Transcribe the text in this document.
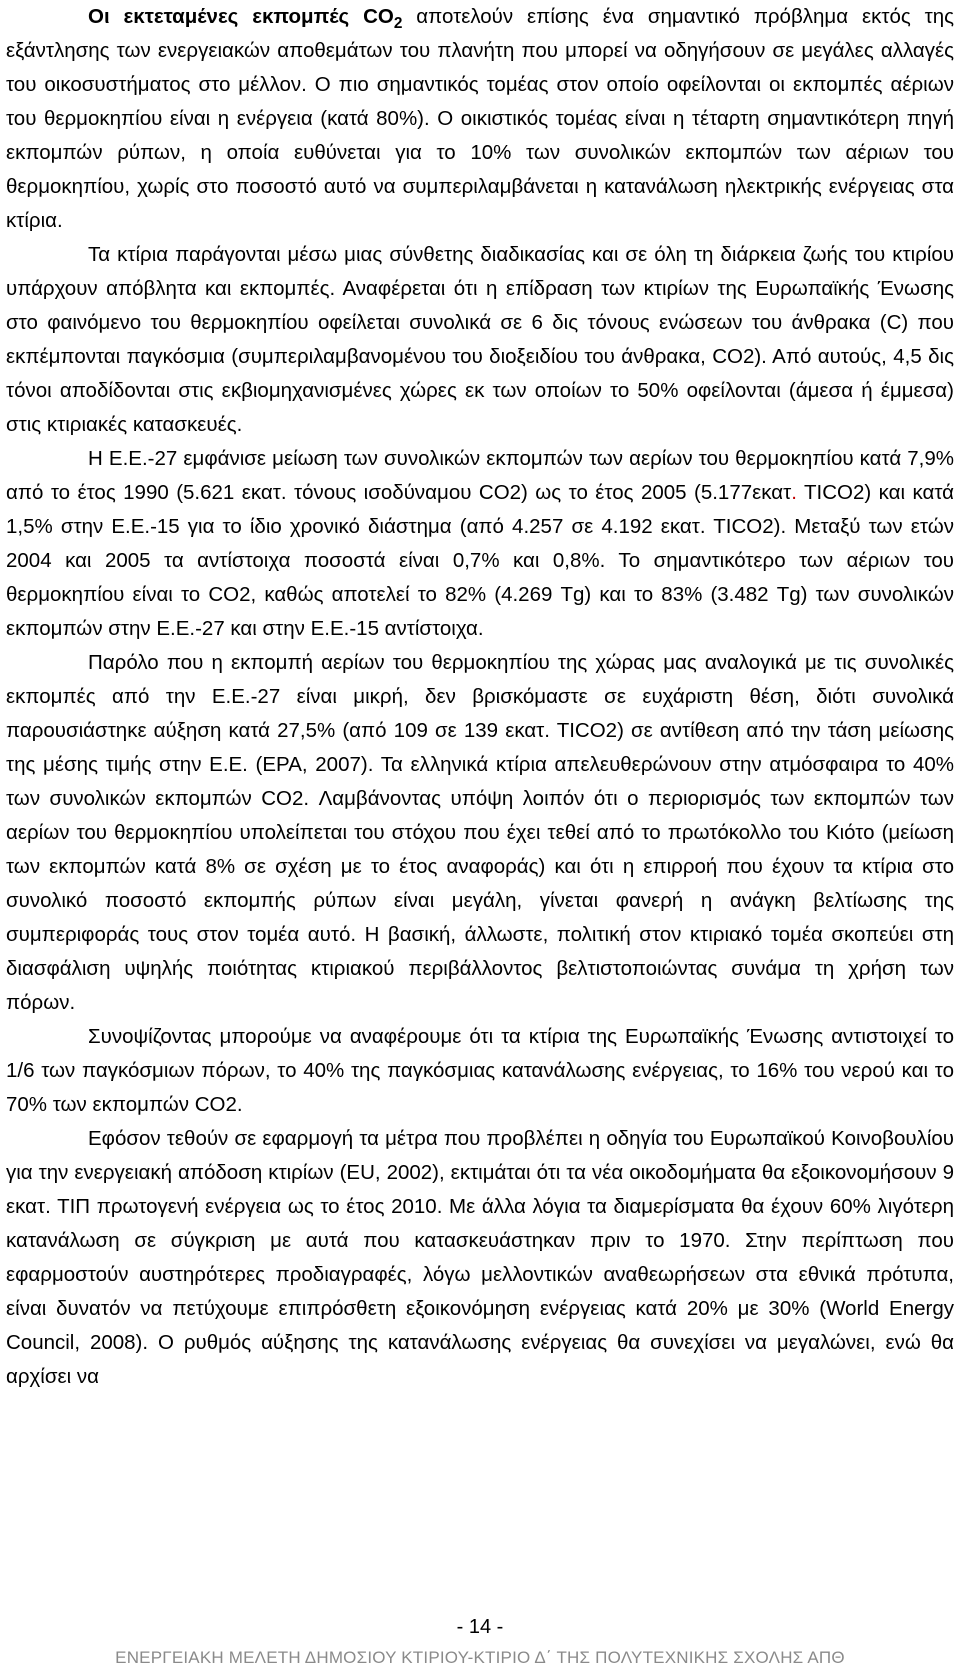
Οι εκτεταμένες εκπομπές $CO_2$ αποτελούν επίσης ένα σημαντικό πρόβλημα εκτός της εξάντλησης των ενεργειακών αποθεμάτων του πλανήτη που μπορεί να οδηγήσουν σε μεγάλες αλλαγές του οικοσυστήματος στο μέλλον. Ο πιο σημαντικός τομέας στον οποίο οφείλονται οι εκπομπές αέριων του θερμοκηπίου είναι η ενέργεια (κατά 80%). Ο οικιστικός τομέας είναι η τέταρτη σημαντικότερη πηγή εκπομπών ρύπων, η οποία ευθύνεται για το 10% των συνολικών εκπομπών των αέριων του θερμοκηπίου, χωρίς στο ποσοστό αυτό να συμπεριλαμβάνεται η κατανάλωση ηλεκτρικής ενέργειας στα κτίρια.

Τα κτίρια παράγονται μέσω μιας σύνθετης διαδικασίας και σε όλη τη διάρκεια ζωής του κτιρίου υπάρχουν απόβλητα και εκπομπές. Αναφέρεται ότι η επίδραση των κτιρίων της Ευρωπαϊκής Ένωσης στο φαινόμενο του θερμοκηπίου οφείλεται συνολικά σε 6 δις τόνους ενώσεων του άνθρακα (C) που εκπέμπονται παγκόσμια (συμπεριλαμβανομένου του διοξειδίου του άνθρακα, CO2). Από αυτούς, 4,5 δις τόνοι αποδίδονται στις εκβιομηχανισμένες χώρες εκ των οποίων το 50% οφείλονται (άμεσα ή έμμεσα) στις κτιριακές κατασκευές.

Η Ε.Ε.-27 εμφάνισε μείωση των συνολικών εκπομπών των αερίων του θερμοκηπίου κατά 7,9% από το έτος 1990 (5.621 εκατ. τόνους ισοδύναμου CO2) ως το έτος 2005 (5.177εκατ. ΤΙCO2) και κατά 1,5% στην Ε.Ε.-15 για το ίδιο χρονικό διάστημα (από 4.257 σε 4.192 εκατ. ΤΙCO2). Μεταξύ των ετών 2004 και 2005 τα αντίστοιχα ποσοστά είναι 0,7% και 0,8%. Το σημαντικότερο των αέριων του θερμοκηπίου είναι το CO2, καθώς αποτελεί το 82% (4.269 Tg) και το 83% (3.482 Tg) των συνολικών εκπομπών στην Ε.Ε.-27 και στην Ε.Ε.-15 αντίστοιχα.

Παρόλο που η εκπομπή αερίων του θερμοκηπίου της χώρας μας αναλογικά με τις συνολικές εκπομπές από την Ε.Ε.-27 είναι μικρή, δεν βρισκόμαστε σε ευχάριστη θέση, διότι συνολικά παρουσιάστηκε αύξηση κατά 27,5% (από 109 σε 139 εκατ. ΤΙCO2) σε αντίθεση από την τάση μείωσης της μέσης τιμής στην Ε.Ε. (EPA, 2007). Τα ελληνικά κτίρια απελευθερώνουν στην ατμόσφαιρα το 40% των συνολικών εκπομπών CO2. Λαμβάνοντας υπόψη λοιπόν ότι ο περιορισμός των εκπομπών των αερίων του θερμοκηπίου υπολείπεται του στόχου που έχει τεθεί από το πρωτόκολλο του Κιότο (μείωση των εκπομπών κατά 8% σε σχέση με το έτος αναφοράς) και ότι η επιρροή που έχουν τα κτίρια στο συνολικό ποσοστό εκπομπής ρύπων είναι μεγάλη, γίνεται φανερή η ανάγκη βελτίωσης της συμπεριφοράς τους στον τομέα αυτό. Η βασική, άλλωστε, πολιτική στον κτιριακό τομέα σκοπεύει στη διασφάλιση υψηλής ποιότητας κτιριακού περιβάλλοντος βελτιστοποιώντας συνάμα τη χρήση των πόρων.

Συνοψίζοντας μπορούμε να αναφέρουμε ότι τα κτίρια της Ευρωπαϊκής Ένωσης αντιστοιχεί το 1/6 των παγκόσμιων πόρων, το 40% της παγκόσμιας κατανάλωσης ενέργειας, το 16% του νερού και το 70% των εκπομπών CO2.

Εφόσον τεθούν σε εφαρμογή τα μέτρα που προβλέπει η οδηγία του Ευρωπαϊκού Κοινοβουλίου για την ενεργειακή απόδοση κτιρίων (EU, 2002), εκτιμάται ότι τα νέα οικοδομήματα θα εξοικονομήσουν 9 εκατ. ΤΙΠ πρωτογενή ενέργεια ως το έτος 2010. Με άλλα λόγια τα διαμερίσματα θα έχουν 60% λιγότερη κατανάλωση σε σύγκριση με αυτά που κατασκευάστηκαν πριν το 1970. Στην περίπτωση που εφαρμοστούν αυστηρότερες προδιαγραφές, λόγω μελλοντικών αναθεωρήσεων στα εθνικά πρότυπα, είναι δυνατόν να πετύχουμε επιπρόσθετη εξοικονόμηση ενέργειας κατά 20% με 30% (World Energy Council, 2008). Ο ρυθμός αύξησης της κατανάλωσης ενέργειας θα συνεχίσει να μεγαλώνει, ενώ θα αρχίσει να

- 14 -
ΕΝΕΡΓΕΙΑΚΗ ΜΕΛΕΤΗ ΔΗΜΟΣΙΟΥ ΚΤΙΡΙΟΥ-ΚΤΙΡΙΟ Δ΄ ΤΗΣ ΠΟΛΥΤΕΧΝΙΚΗΣ ΣΧΟΛΗΣ ΑΠΘ
